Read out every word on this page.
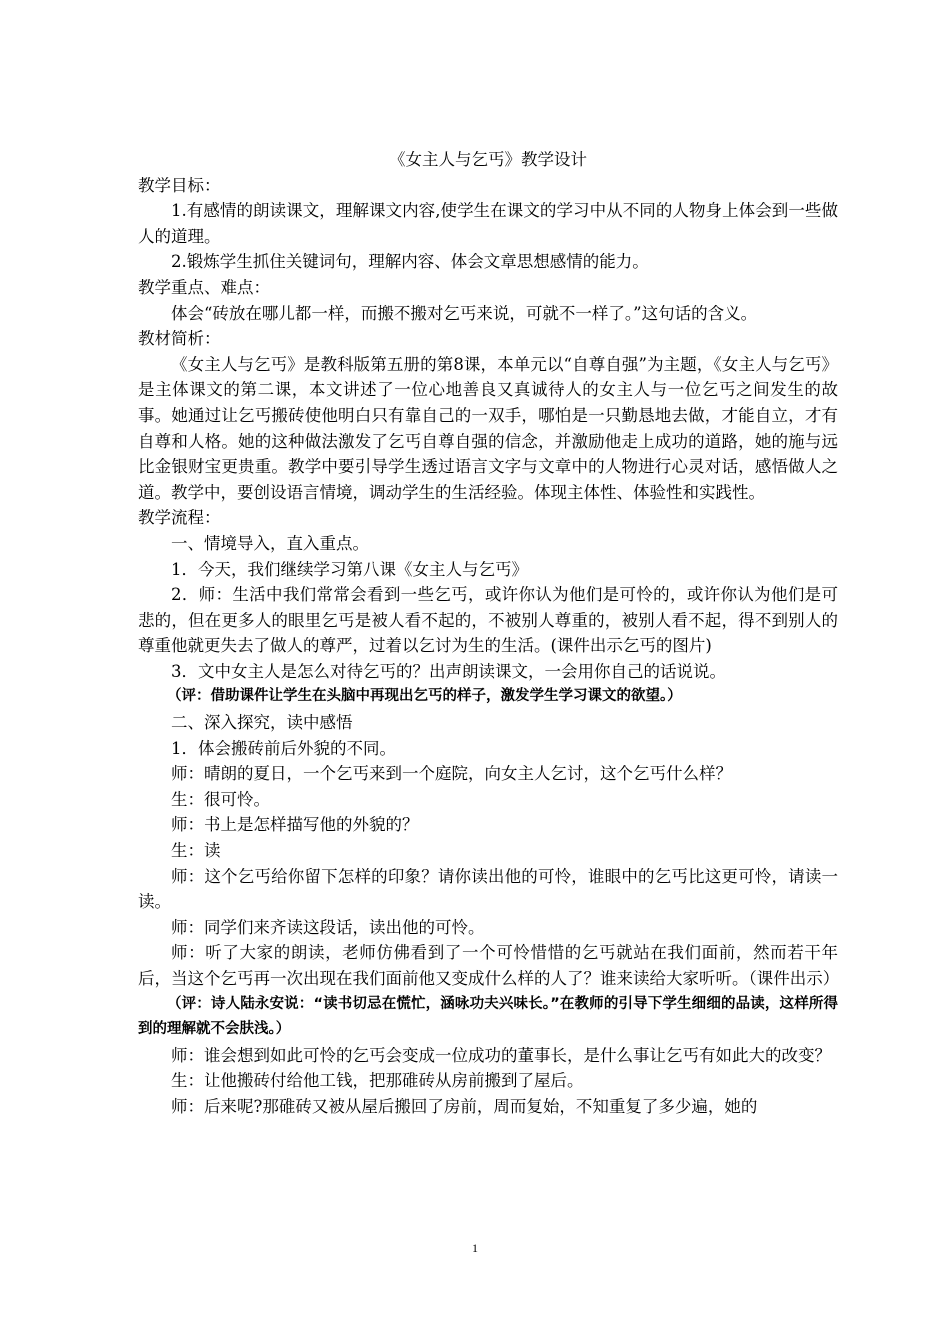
《女主人与乞丐》教学设计

教学目标：

1.有感情的朗读课文，理解课文内容,使学生在课文的学习中从不同的人物身上体会到一些做人的道理。

2.锻炼学生抓住关键词句，理解内容、体会文章思想感情的能力。

教学重点、难点：

体会“砖放在哪儿都一样，而搬不搬对乞丐来说，可就不一样了。”这句话的含义。

教材简析：

《女主人与乞丐》是教科版第五册的第8课，本单元以“自尊自强”为主题，《女主人与乞丐》是主体课文的第二课，本文讲述了一位心地善良又真诚待人的女主人与一位乞丐之间发生的故事。她通过让乞丐搬砖使他明白只有靠自己的一双手，哪怕是一只勤恳地去做，才能自立，才有自尊和人格。她的这种做法激发了乞丐自尊自强的信念，并激励他走上成功的道路，她的施与远比金银财宝更贵重。教学中要引导学生透过语言文字与文章中的人物进行心灵对话，感悟做人之道。教学中，要创设语言情境，调动学生的生活经验。体现主体性、体验性和实践性。

教学流程：

一、情境导入，直入重点。

1．今天，我们继续学习第八课《女主人与乞丐》

2．师：生活中我们常常会看到一些乞丐，或许你认为他们是可怜的，或许你认为他们是可悲的，但在更多人的眼里乞丐是被人看不起的，不被别人尊重的，被别人看不起，得不到别人的尊重他就更失去了做人的尊严，过着以乞讨为生的生活。(课件出示乞丐的图片)

3．文中女主人是怎么对待乞丐的？出声朗读课文，一会用你自己的话说说。

（评：借助课件让学生在头脑中再现出乞丐的样子，激发学生学习课文的欲望。）

二、深入探究，读中感悟

1．体会搬砖前后外貌的不同。

师：晴朗的夏日，一个乞丐来到一个庭院，向女主人乞讨，这个乞丐什么样？

生：很可怜。

师：书上是怎样描写他的外貌的？

生：读

师：这个乞丐给你留下怎样的印象？请你读出他的可怜，谁眼中的乞丐比这更可怜，请读一读。

师：同学们来齐读这段话，读出他的可怜。

师：听了大家的朗读，老师仿佛看到了一个可怜惜惜的乞丐就站在我们面前，然而若干年后，当这个乞丐再一次出现在我们面前他又变成什么样的人了？谁来读给大家听听。（课件出示）

（评：诗人陆永安说：“读书切忌在慌忙，涵咏功夫兴味长。”在教师的引导下学生细细的品读，这样所得到的理解就不会肤浅。）

师：谁会想到如此可怜的乞丐会变成一位成功的董事长，是什么事让乞丐有如此大的改变？

生：让他搬砖付给他工钱，把那碓砖从房前搬到了屋后。

师：后来呢?那碓砖又被从屋后搬回了房前，周而复始，不知重复了多少遍，她的

1
